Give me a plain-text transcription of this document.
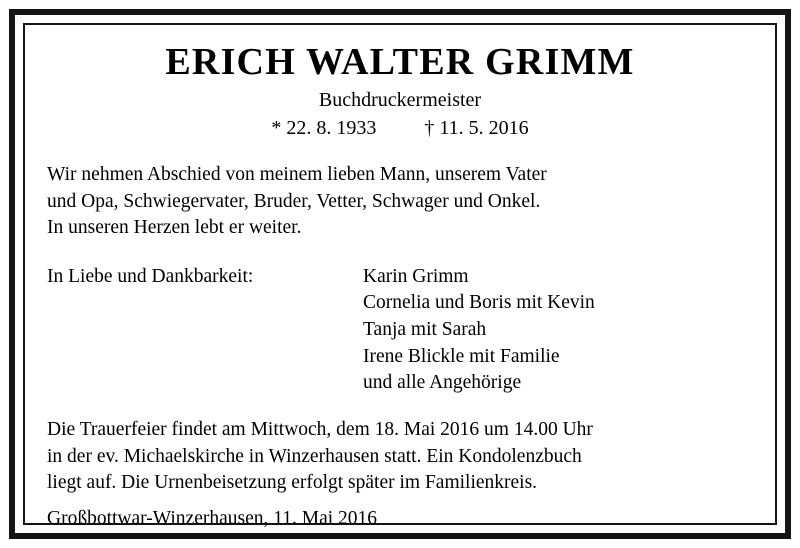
ERICH WALTER GRIMM
Buchdruckermeister
* 22. 8. 1933 † 11. 5. 2016
Wir nehmen Abschied von meinem lieben Mann, unserem Vater
und Opa, Schwiegervater, Bruder, Vetter, Schwager und Onkel.
In unseren Herzen lebt er weiter.
In Liebe und Dankbarkeit:	Karin Grimm
Cornelia und Boris mit Kevin
Tanja mit Sarah
Irene Blickle mit Familie
und alle Angehörige
Die Trauerfeier findet am Mittwoch, dem 18. Mai 2016 um 14.00 Uhr
in der ev. Michaelskirche in Winzerhausen statt. Ein Kondolenzbuch
liegt auf. Die Urnenbeisetzung erfolgt später im Familienkreis.
Großbottwar-Winzerhausen, 11. Mai 2016
